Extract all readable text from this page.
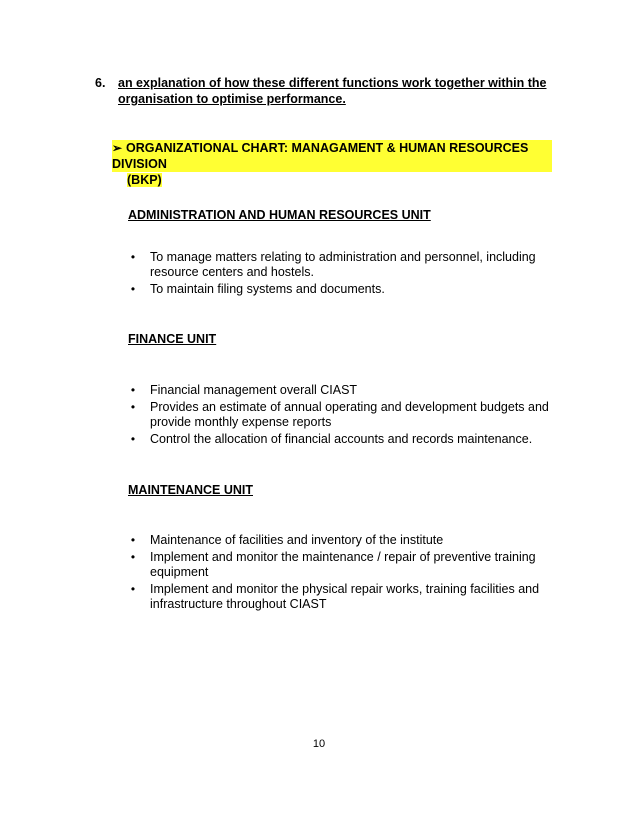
6. an explanation of how these different functions work together within the organisation to optimise performance.
➢ ORGANIZATIONAL CHART: MANAGAMENT & HUMAN RESOURCES DIVISION
(BKP)
ADMINISTRATION AND HUMAN RESOURCES UNIT
• To manage matters relating to administration and personnel, including resource centers and hostels.
• To maintain filing systems and documents.
FINANCE UNIT
• Financial management overall CIAST
• Provides an estimate of annual operating and development budgets and provide monthly expense reports
• Control the allocation of financial accounts and records maintenance.
MAINTENANCE UNIT
• Maintenance of facilities and inventory of the institute
• Implement and monitor the maintenance / repair of preventive training equipment
• Implement and monitor the physical repair works, training facilities and infrastructure throughout CIAST
10
